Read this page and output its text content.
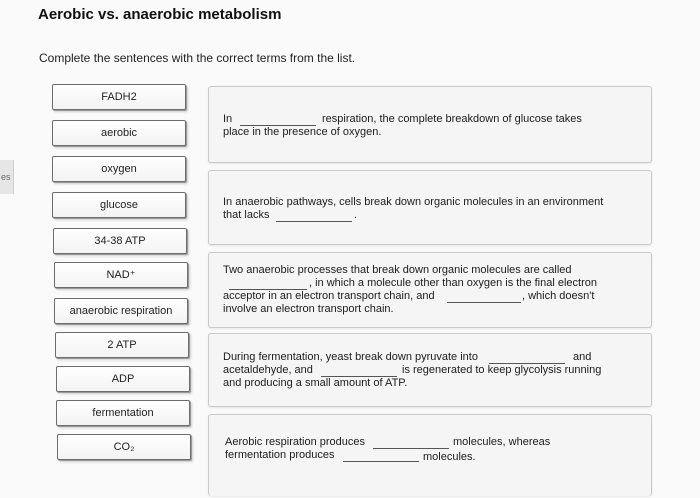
es
Aerobic vs. anaerobic metabolism
Complete the sentences with the correct terms from the list.
FADH2
aerobic
oxygen
glucose
34-38 ATP
NAD⁺
anaerobic respiration
2 ATP
ADP
fermentation
CO₂
In	respiration, the complete breakdown of glucose takes
place in the presence of oxygen.
In anaerobic pathways, cells break down organic molecules in an environment
that lacks	.
Two anaerobic processes that break down organic molecules are called
, in which a molecule other than oxygen is the final electron
acceptor in an electron transport chain, and	, which doesn't
involve an electron transport chain.
During fermentation, yeast break down pyruvate into	and
acetaldehyde, and	is regenerated to keep glycolysis running
and producing a small amount of ATP.
Aerobic respiration produces	molecules, whereas
fermentation produces	molecules.
